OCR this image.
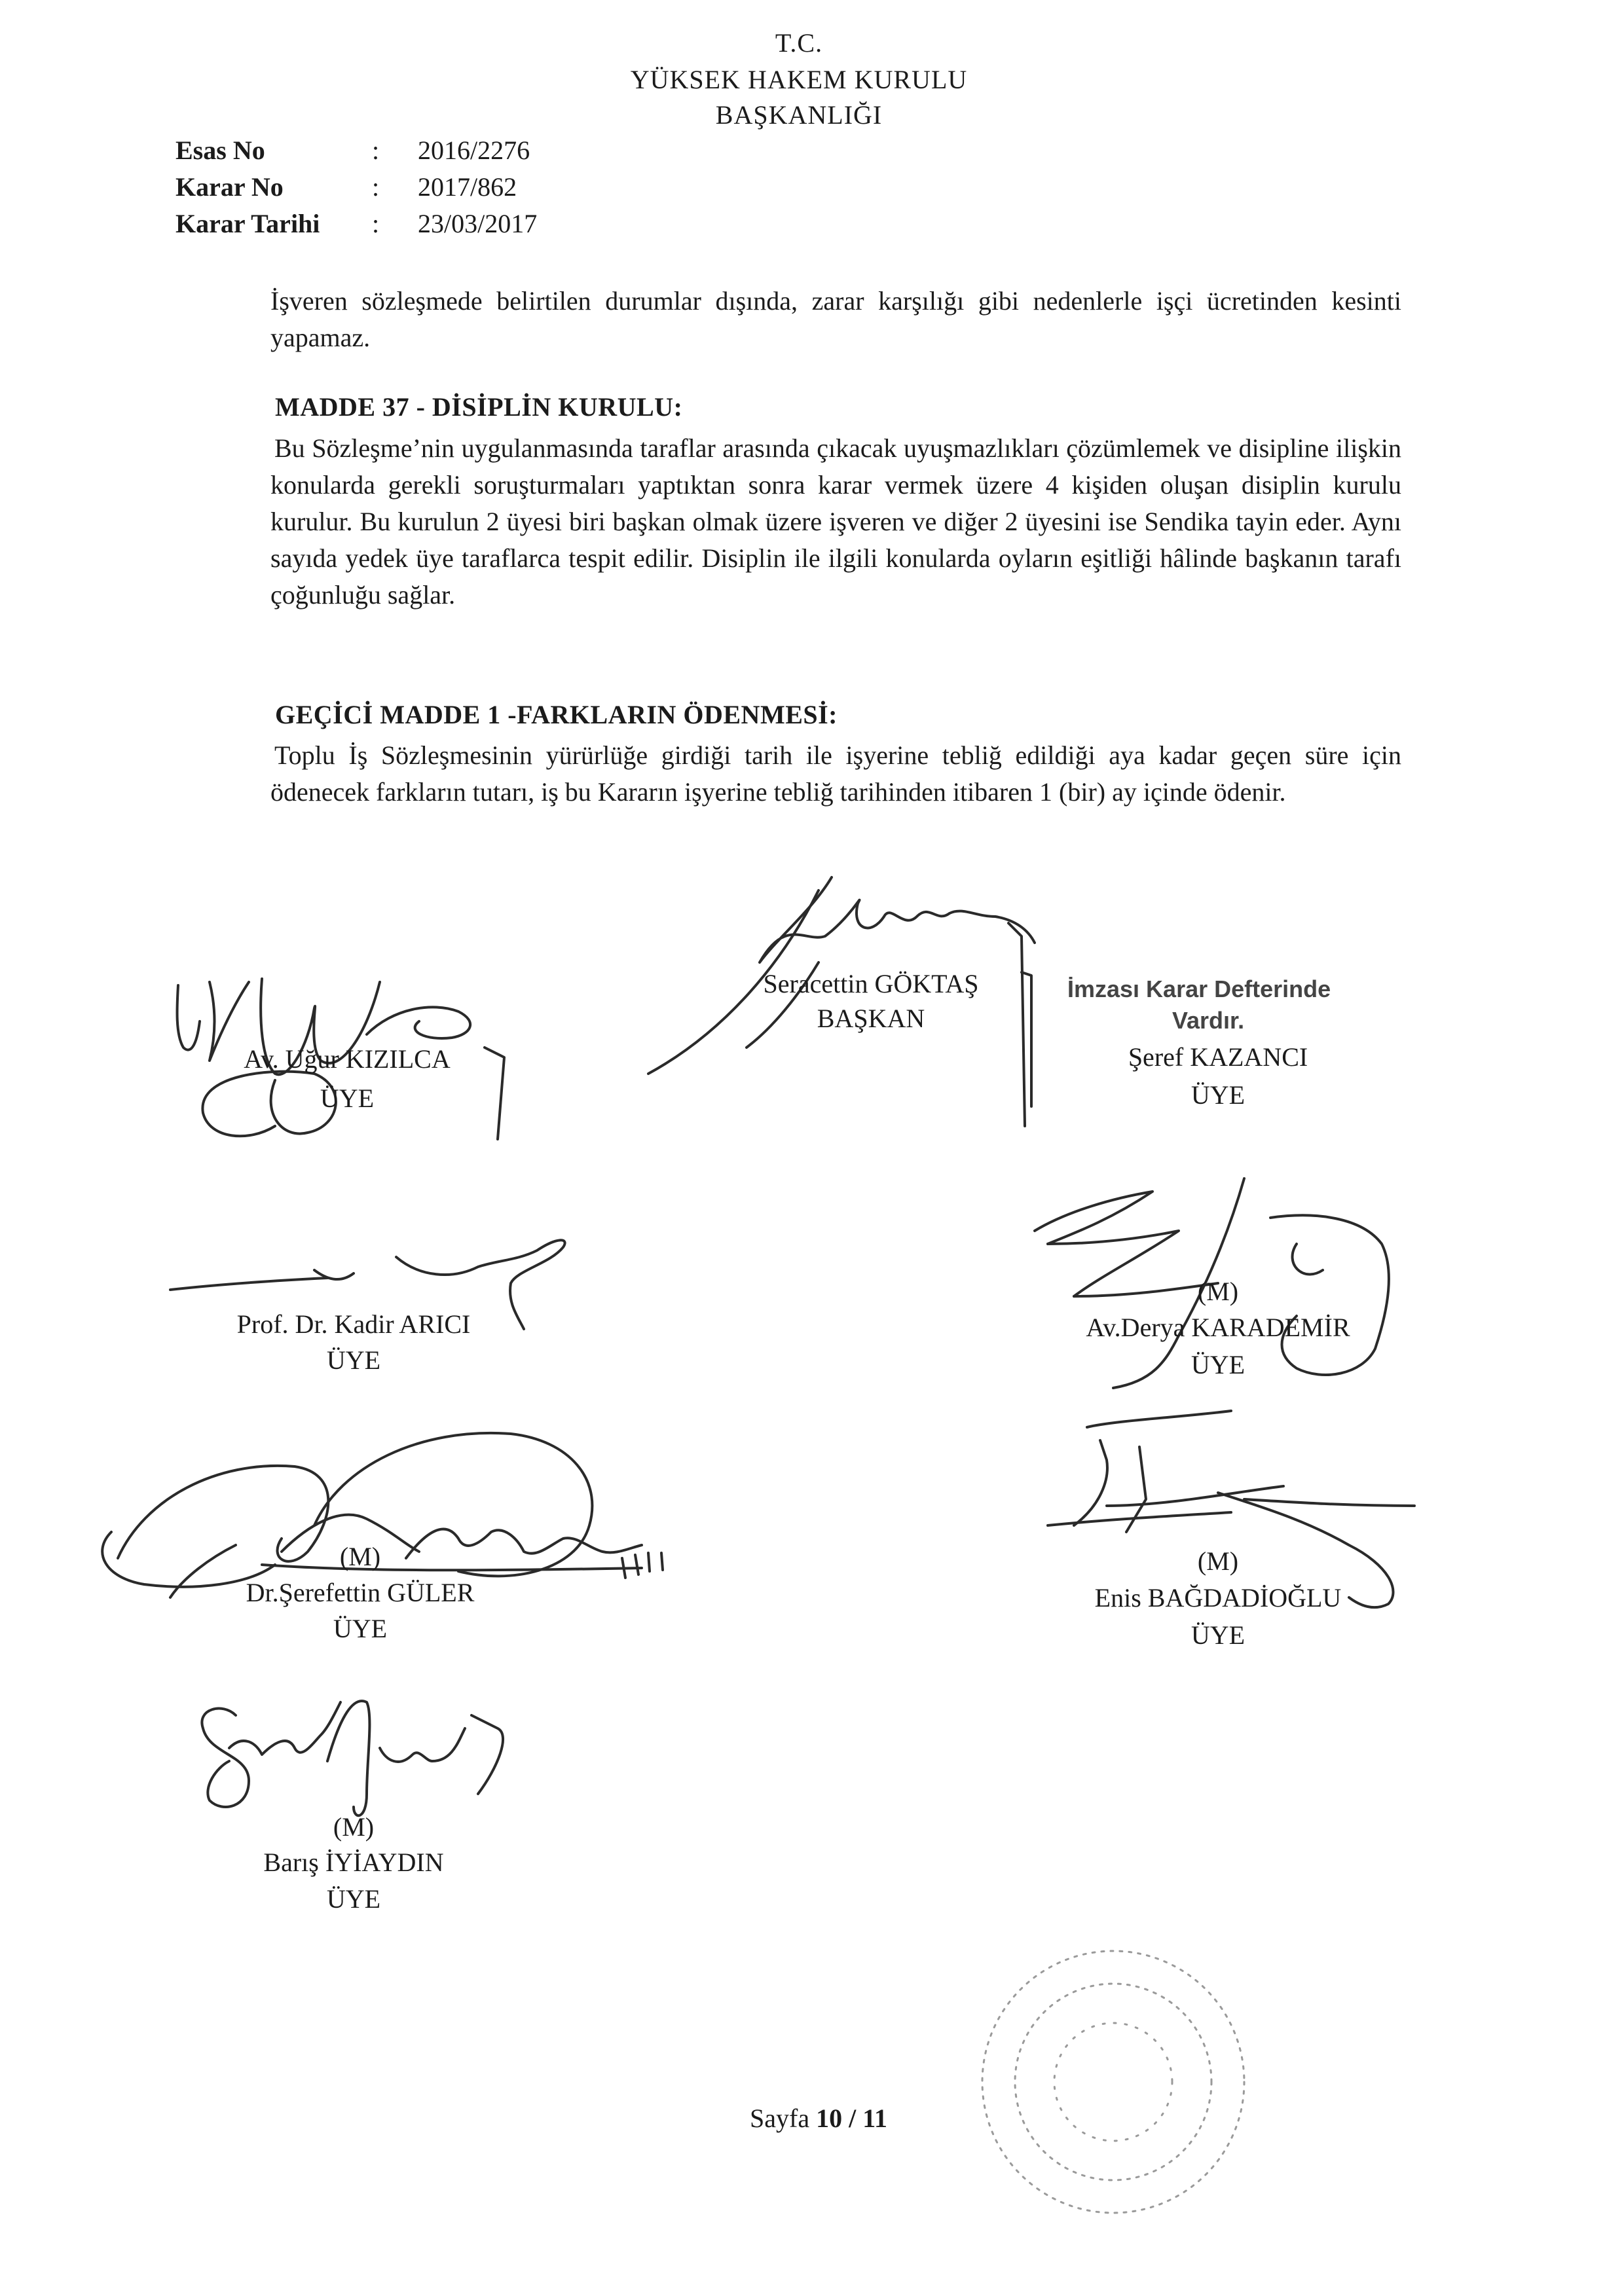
T.C.
YÜKSEK HAKEM KURULU
BAŞKANLIĞI
Esas No	: 2016/2276
Karar No	: 2017/862
Karar Tarihi : 23/03/2017
İşveren sözleşmede belirtilen durumlar dışında, zarar karşılığı gibi nedenlerle işçi ücretinden kesinti yapamaz.
MADDE 37 - DİSİPLİN KURULU:
Bu Sözleşme’nin uygulanmasında taraflar arasında çıkacak uyuşmazlıkları çözümlemek ve disipline ilişkin konularda gerekli soruşturmaları yaptıktan sonra karar vermek üzere 4 kişiden oluşan disiplin kurulu kurulur. Bu kurulun 2 üyesi biri başkan olmak üzere işveren ve diğer 2 üyesini ise Sendika tayin eder. Aynı sayıda yedek üye taraflarca tespit edilir. Disiplin ile ilgili konularda oyların eşitliği hâlinde başkanın tarafı çoğunluğu sağlar.
GEÇİCİ MADDE 1 -FARKLARIN ÖDENMESİ:
Toplu İş Sözleşmesinin yürürlüğe girdiği tarih ile işyerine tebliğ edildiği aya kadar geçen süre için ödenecek farkların tutarı, iş bu Kararın işyerine tebliğ tarihinden itibaren 1 (bir) ay içinde ödenir.
Seracettin GÖKTAŞ
BAŞKAN
Av. Uğur KIZILCA
ÜYE
İmzası Karar Defterinde
Vardır.
Şeref KAZANCI
ÜYE
Prof. Dr. Kadir ARICI
ÜYE
(M)
Av.Derya KARADEMİR
ÜYE
(M)
Dr.Şerefettin GÜLER
ÜYE
(M)
Enis BAĞDADİOĞLU
ÜYE
(M)
Barış İYİAYDIN
ÜYE
Sayfa 10 / 11
